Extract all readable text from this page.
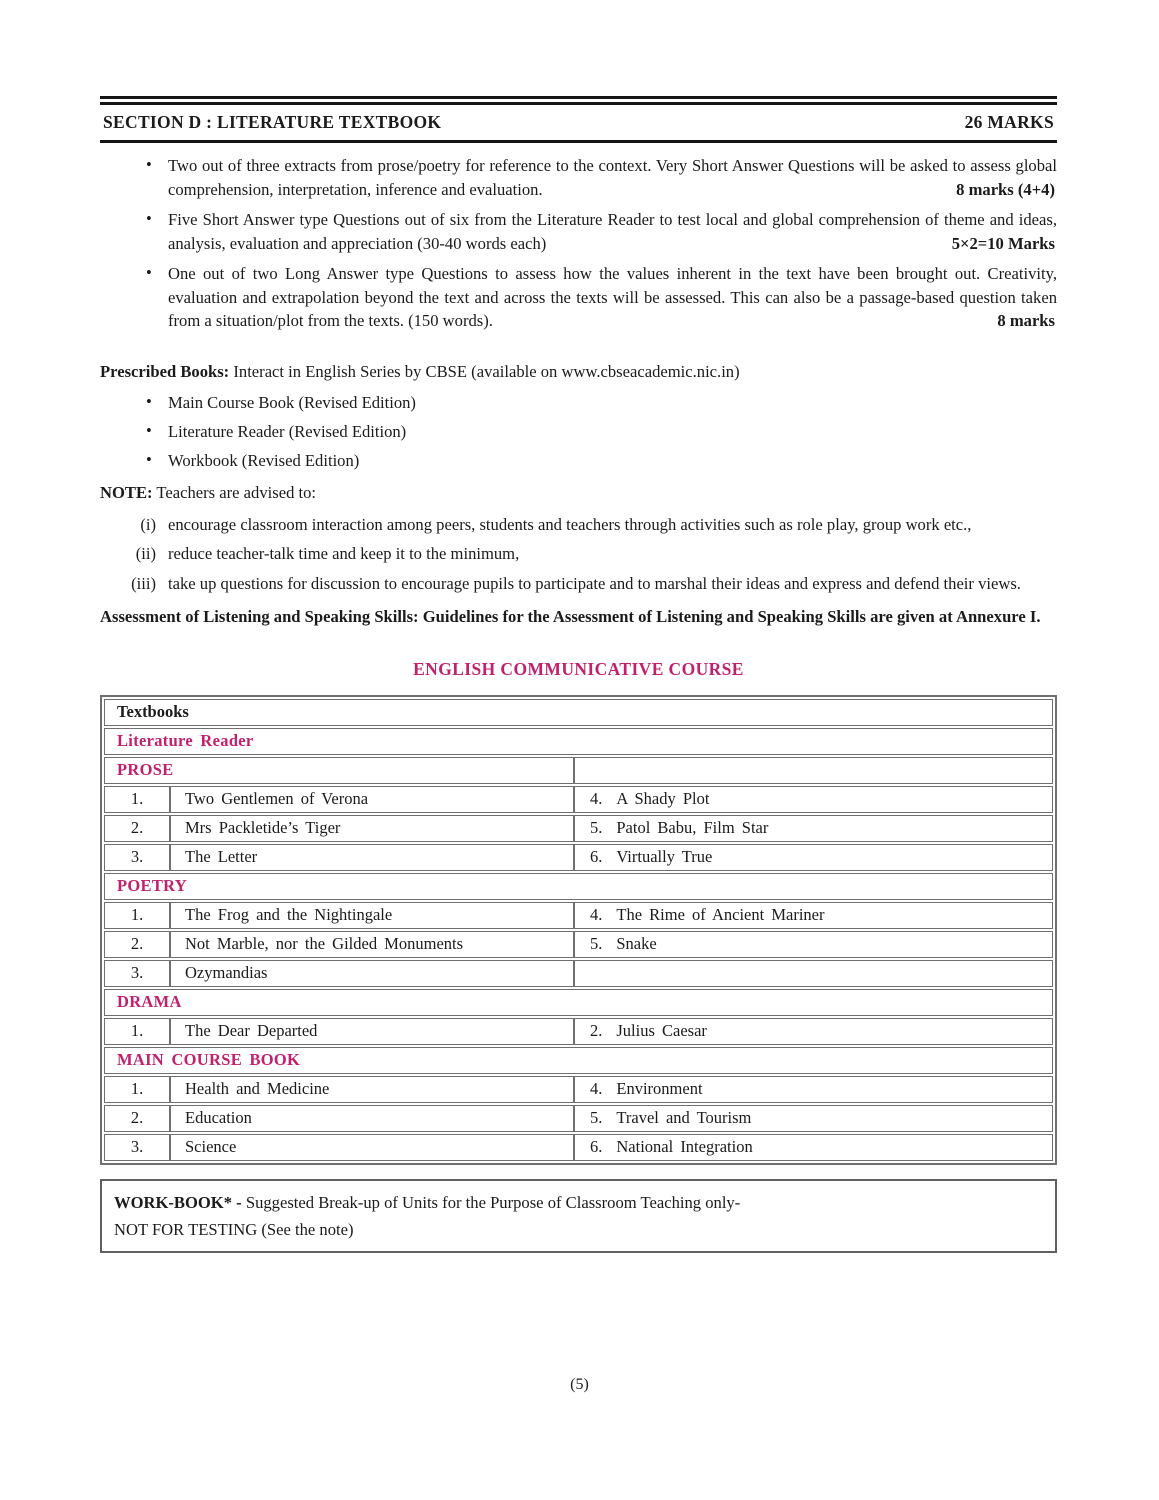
SECTION D : LITERATURE TEXTBOOK	26 MARKS
• Two out of three extracts from prose/poetry for reference to the context. Very Short Answer Questions will be asked to assess global comprehension, interpretation, inference and evaluation.	8 marks (4+4)
• Five Short Answer type Questions out of six from the Literature Reader to test local and global comprehension of theme and ideas, analysis, evaluation and appreciation (30-40 words each)	5×2=10 Marks
• One out of two Long Answer type Questions to assess how the values inherent in the text have been brought out. Creativity, evaluation and extrapolation beyond the text and across the texts will be assessed. This can also be a passage-based question taken from a situation/plot from the texts. (150 words).	8 marks
Prescribed Books: Interact in English Series by CBSE (available on www.cbseacademic.nic.in)
• Main Course Book (Revised Edition)
• Literature Reader (Revised Edition)
• Workbook (Revised Edition)
NOTE: Teachers are advised to:
(i) encourage classroom interaction among peers, students and teachers through activities such as role play, group work etc.,
(ii) reduce teacher-talk time and keep it to the minimum,
(iii) take up questions for discussion to encourage pupils to participate and to marshal their ideas and express and defend their views.
Assessment of Listening and Speaking Skills: Guidelines for the Assessment of Listening and Speaking Skills are given at Annexure I.
ENGLISH COMMUNICATIVE COURSE
Textbooks
Literature Reader
PROSE
1.	Two Gentlemen of Verona	4. A Shady Plot
2.	Mrs Packletide’s Tiger	5. Patol Babu, Film Star
3.	The Letter	6. Virtually True
POETRY
1.	The Frog and the Nightingale	4. The Rime of Ancient Mariner
2.	Not Marble, nor the Gilded Monuments	5. Snake
3.	Ozymandias
DRAMA
1.	The Dear Departed	2. Julius Caesar
MAIN COURSE BOOK
1.	Health and Medicine	4. Environment
2.	Education	5. Travel and Tourism
3.	Science	6. National Integration
WORK-BOOK* - Suggested Break-up of Units for the Purpose of Classroom Teaching only-
NOT FOR TESTING (See the note)
(5)
